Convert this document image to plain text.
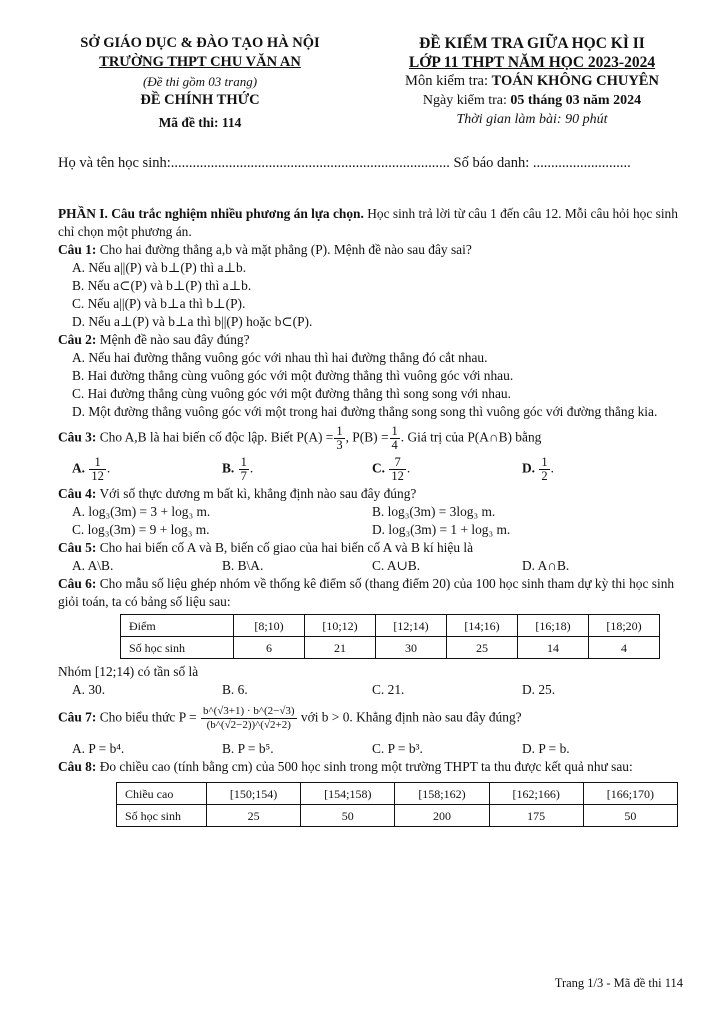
SỞ GIÁO DỤC & ĐÀO TẠO HÀ NỘI
TRƯỜNG THPT CHU VĂN AN
(Đề thi gồm 03 trang)
ĐỀ CHÍNH THỨC
Mã đề thi: 114
ĐỀ KIỂM TRA GIỮA HỌC KÌ II
LỚP 11 THPT NĂM HỌC 2023-2024
Môn kiểm tra: TOÁN KHÔNG CHUYÊN
Ngày kiểm tra: 05 tháng 03 năm 2024
Thời gian làm bài: 90 phút
Họ và tên học sinh:............................................................................. Số báo danh: ...........................

PHẦN I. Câu trắc nghiệm nhiều phương án lựa chọn. Học sinh trả lời từ câu 1 đến câu 12. Mỗi câu hỏi học sinh chỉ chọn một phương án.

Câu 1: Cho hai đường thẳng a,b và mặt phẳng (P). Mệnh đề nào sau đây sai?

A. Nếu a||(P) và b⊥(P) thì a⊥b.

B. Nếu a⊂(P) và b⊥(P) thì a⊥b.

C. Nếu a||(P) và b⊥a thì b⊥(P).

D. Nếu a⊥(P) và b⊥a thì b||(P) hoặc b⊂(P).

Câu 2: Mệnh đề nào sau đây đúng?

A. Nếu hai đường thẳng vuông góc với nhau thì hai đường thẳng đó cắt nhau.

B. Hai đường thẳng cùng vuông góc với một đường thẳng thì vuông góc với nhau.

C. Hai đường thẳng cùng vuông góc với một đường thẳng thì song song với nhau.

D. Một đường thẳng vuông góc với một trong hai đường thẳng song song thì vuông góc với đường thẳng kia.

Câu 3: Cho A,B là hai biến cố độc lập. Biết $P(A) = \frac{1}{3}$ , $P(B) = \frac{1}{4}$ . Giá trị của P(A∩B) bằng

A. $\frac{1}{12}$ .	B. $\frac{1}{7}$ .	C. $\frac{7}{12}$ .	D. $\frac{1}{2}$ .

Câu 4: Với số thực dương m bất kì, khẳng định nào sau đây đúng?

A. log₃(3m) = 3 + log₃ m.	B. log₃(3m) = 3log₃ m.
C. log₃(3m) = 9 + log₃ m.	D. log₃(3m) = 1 + log₃ m.

Câu 5: Cho hai biến cố A và B, biến cố giao của hai biến cố A và B kí hiệu là

A. A\B.	B. B\A.	C. A∪B.	D. A∩B.

Câu 6: Cho mẫu số liệu ghép nhóm về thống kê điểm số (thang điểm 20) của 100 học sinh tham dự kỳ thi học sinh giỏi toán, ta có bảng số liệu sau:

Điểm	[8;10)	[10;12)	[12;14)	[14;16)	[16;18)	[18;20)
Số học sinh	6	21	30	25	14	4

Nhóm [12;14) có tần số là

A. 30.	B. 6.	C. 21.	D. 25.

Câu 7: Cho biểu thức $P = \frac{b\^{}(√3+1) \cdot b\^{}(2-√3)}{(b\^{}(√2-2))\^{}(√2+2)}$ với b > 0. Khẳng định nào sau đây đúng?

A. P = b⁴.	B. P = b⁵.	C. P = b³.	D. P = b.

Câu 8: Đo chiều cao (tính bằng cm) của 500 học sinh trong một trường THPT ta thu được kết quả như sau:

Chiều cao	[150;154)	[154;158)	[158;162)	[162;166)	[166;170)
Số học sinh	25	50	200	175	50
Trang 1/3 - Mã đề thi 114
